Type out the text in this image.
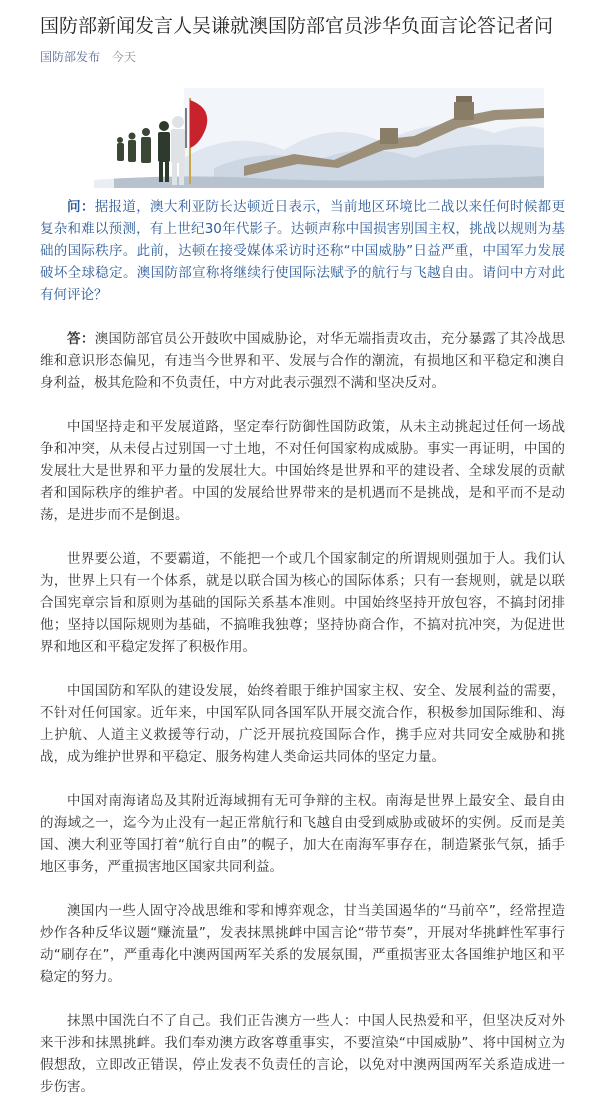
国防部新闻发言人吴谦就澳国防部官员涉华负面言论答记者问
国防部发布 今天

问：据报道，澳大利亚防长达顿近日表示，当前地区环境比二战以来任何时候都更复杂和难以预测，有上世纪30年代影子。达顿声称中国损害别国主权，挑战以规则为基础的国际秩序。此前，达顿在接受媒体采访时还称“中国威胁”日益严重，中国军力发展破坏全球稳定。澳国防部宣称将继续行使国际法赋予的航行与飞越自由。请问中方对此有何评论？

答：澳国防部官员公开鼓吹中国威胁论，对华无端指责攻击，充分暴露了其冷战思维和意识形态偏见，有违当今世界和平、发展与合作的潮流，有损地区和平稳定和澳自身利益，极其危险和不负责任，中方对此表示强烈不满和坚决反对。

中国坚持走和平发展道路，坚定奉行防御性国防政策，从未主动挑起过任何一场战争和冲突，从未侵占过别国一寸土地，不对任何国家构成威胁。事实一再证明，中国的发展壮大是世界和平力量的发展壮大。中国始终是世界和平的建设者、全球发展的贡献者和国际秩序的维护者。中国的发展给世界带来的是机遇而不是挑战，是和平而不是动荡，是进步而不是倒退。

世界要公道，不要霸道，不能把一个或几个国家制定的所谓规则强加于人。我们认为，世界上只有一个体系，就是以联合国为核心的国际体系；只有一套规则，就是以联合国宪章宗旨和原则为基础的国际关系基本准则。中国始终坚持开放包容，不搞封闭排他；坚持以国际规则为基础，不搞唯我独尊；坚持协商合作，不搞对抗冲突，为促进世界和地区和平稳定发挥了积极作用。

中国国防和军队的建设发展，始终着眼于维护国家主权、安全、发展利益的需要，不针对任何国家。近年来，中国军队同各国军队开展交流合作，积极参加国际维和、海上护航、人道主义救援等行动，广泛开展抗疫国际合作，携手应对共同安全威胁和挑战，成为维护世界和平稳定、服务构建人类命运共同体的坚定力量。

中国对南海诸岛及其附近海域拥有无可争辩的主权。南海是世界上最安全、最自由的海域之一，迄今为止没有一起正常航行和飞越自由受到威胁或破坏的实例。反而是美国、澳大利亚等国打着“航行自由”的幌子，加大在南海军事存在，制造紧张气氛，插手地区事务，严重损害地区国家共同利益。

澳国内一些人固守冷战思维和零和博弈观念，甘当美国遏华的“马前卒”，经常捏造炒作各种反华议题“赚流量”，发表抹黑挑衅中国言论“带节奏”，开展对华挑衅性军事行动“刷存在”，严重毒化中澳两国两军关系的发展氛围，严重损害亚太各国维护地区和平稳定的努力。

抹黑中国洗白不了自己。我们正告澳方一些人：中国人民热爱和平，但坚决反对外来干涉和抹黑挑衅。我们奉劝澳方政客尊重事实，不要渲染“中国威胁”、将中国树立为假想敌，立即改正错误，停止发表不负责任的言论，以免对中澳两国两军关系造成进一步伤害。
